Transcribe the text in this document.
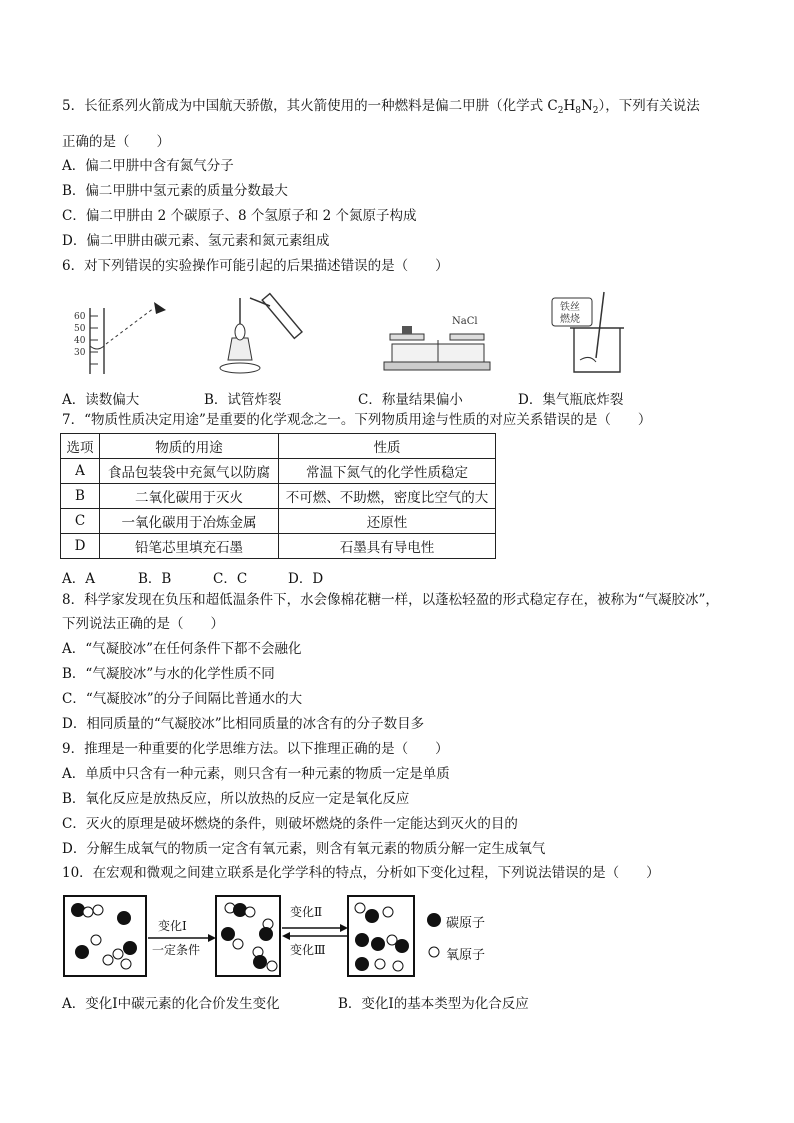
5．长征系列火箭成为中国航天骄傲，其火箭使用的一种燃料是偏二甲肼（化学式 $C_2H_8N_2$），下列有关说法
正确的是（　　）
A．偏二甲肼中含有氮气分子
B．偏二甲肼中氢元素的质量分数最大
C．偏二甲肼由 2 个碳原子、8 个氢原子和 2 个氮原子构成
D．偏二甲肼由碳元素、氢元素和氮元素组成
6．对下列错误的实验操作可能引起的后果描述错误的是（　　）
60
50
40
30
NaCl
铁丝
燃烧
A．读数偏大	B．试管炸裂	C．称量结果偏小	D．集气瓶底炸裂
7．“物质性质决定用途”是重要的化学观念之一。下列物质用途与性质的对应关系错误的是（　　）
选项	物质的用途	性质
A	食品包装袋中充氮气以防腐	常温下氮气的化学性质稳定
B	二氧化碳用于灭火	不可燃、不助燃，密度比空气的大
C	一氧化碳用于冶炼金属	还原性
D	铅笔芯里填充石墨	石墨具有导电性
A．A	B．B	C．C	D．D
8．科学家发现在负压和超低温条件下，水会像棉花糖一样，以蓬松轻盈的形式稳定存在，被称为“气凝胶冰”，
下列说法正确的是（　　）
A．“气凝胶冰”在任何条件下都不会融化
B．“气凝胶冰”与水的化学性质不同
C．“气凝胶冰”的分子间隔比普通水的大
D．相同质量的“气凝胶冰”比相同质量的冰含有的分子数目多
9．推理是一种重要的化学思维方法。以下推理正确的是（　　）
A．单质中只含有一种元素，则只含有一种元素的物质一定是单质
B．氧化反应是放热反应，所以放热的反应一定是氧化反应
C．灭火的原理是破坏燃烧的条件，则破坏燃烧的条件一定能达到灭火的目的
D．分解生成氧气的物质一定含有氧元素，则含有氧元素的物质分解一定生成氧气
10．在宏观和微观之间建立联系是化学学科的特点，分析如下变化过程，下列说法错误的是（　　）
变化Ⅰ
一定条件
变化Ⅱ
变化Ⅲ
碳原子
氧原子
A．变化Ⅰ中碳元素的化合价发生变化	B．变化Ⅰ的基本类型为化合反应
